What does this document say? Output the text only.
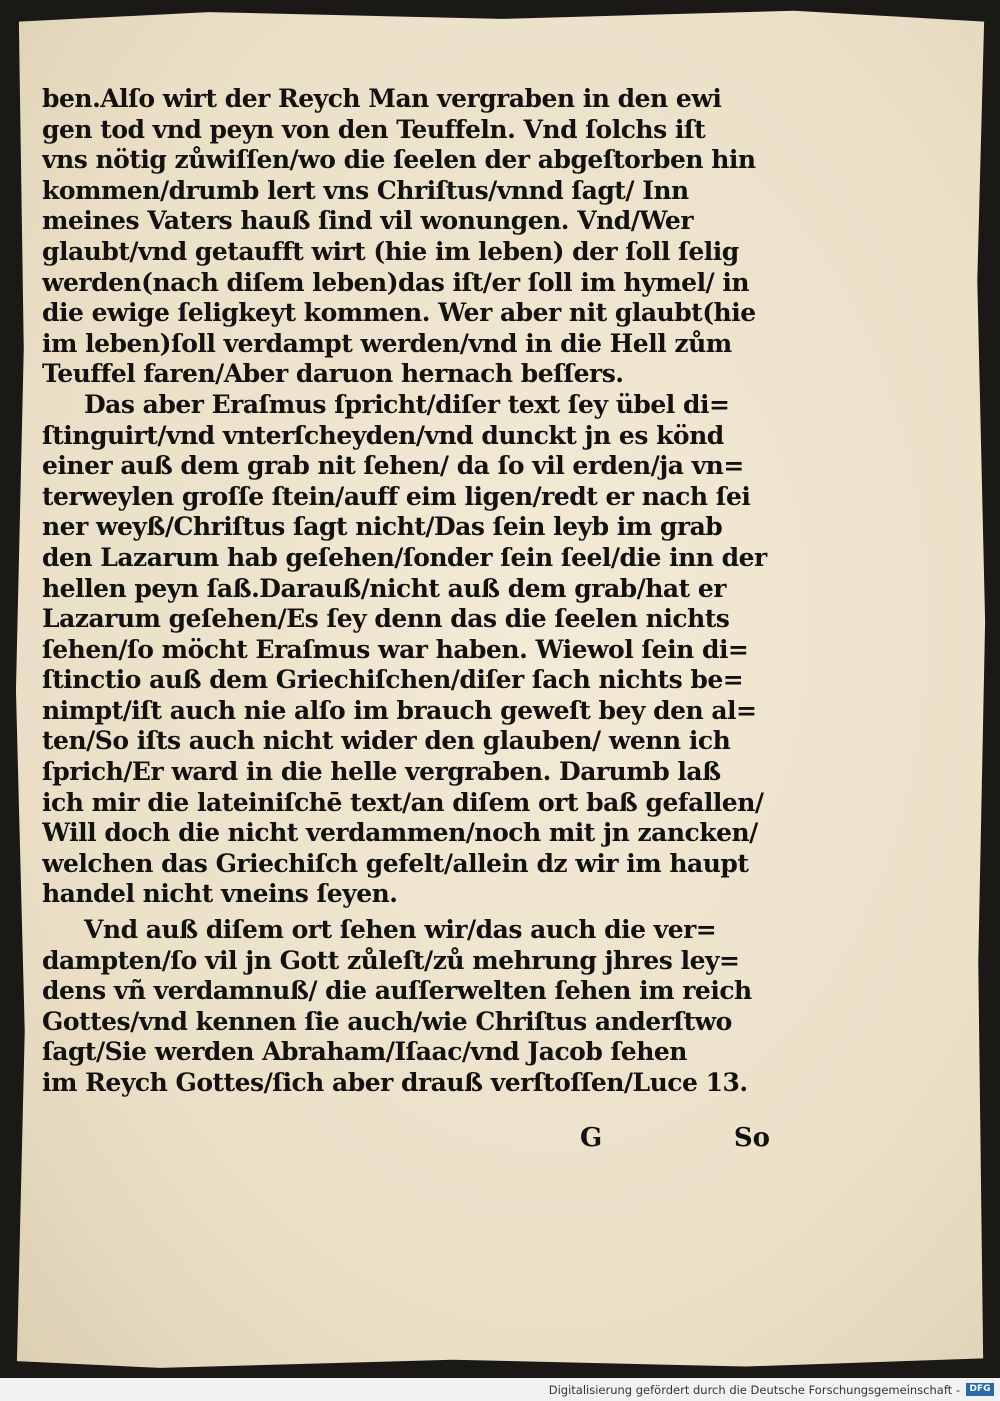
ben.Alſo wirt der Reych Man vergraben in den ewi
gen tod vnd peyn von den Teuffeln. Vnd ſolchs iſt
vns nötig zůwiſſen/wo die ſeelen der abgeſtorben hin
kommen/drumb lert vns Chriſtus/vnnd ſagt/ Inn
meines Vaters hauß ſind vil wonungen. Vnd/Wer
glaubt/vnd getaufft wirt (hie im leben) der ſoll ſelig
werden(nach diſem leben)das iſt/er ſoll im hymel/ in
die ewige ſeligkeyt kommen. Wer aber nit glaubt(hie
im leben)ſoll verdampt werden/vnd in die Hell zům
Teuffel faren/Aber daruon hernach beſſers.
Das aber Eraſmus ſpricht/diſer text ſey übel di=
ſtinguirt/vnd vnterſcheyden/vnd dunckt jn es könd
einer auß dem grab nit ſehen/ da ſo vil erden/ja vn=
terweylen groſſe ſtein/auff eim ligen/redt er nach ſei
ner weyß/Chriſtus ſagt nicht/Das ſein leyb im grab
den Lazarum hab geſehen/ſonder ſein ſeel/die inn der
hellen peyn ſaß.Darauß/nicht auß dem grab/hat er
Lazarum geſehen/Es ſey denn das die ſeelen nichts
ſehen/ſo möcht Eraſmus war haben. Wiewol ſein di=
ſtinctio auß dem Griechiſchen/diſer ſach nichts be=
nimpt/iſt auch nie alſo im brauch geweſt bey den al=
ten/So iſts auch nicht wider den glauben/ wenn ich
ſprich/Er ward in die helle vergraben. Darumb laß
ich mir die lateiniſchē text/an diſem ort baß gefallen/
Will doch die nicht verdammen/noch mit jn zancken/
welchen das Griechiſch gefelt/allein dz wir im haupt
handel nicht vneins ſeyen.
Vnd auß diſem ort ſehen wir/das auch die ver=
dampten/ſo vil jn Gott zůleſt/zů mehrung jhres ley=
dens vñ verdamnuß/ die auſſerwelten ſehen im reich
Gottes/vnd kennen ſie auch/wie Chriſtus anderſtwo
ſagt/Sie werden Abraham/Iſaac/vnd Jacob ſehen
im Reych Gottes/ſich aber drauß verſtoſſen/Luce 13.
G	So
Digitalisierung gefördert durch die Deutsche Forschungsgemeinschaft -	DFG
